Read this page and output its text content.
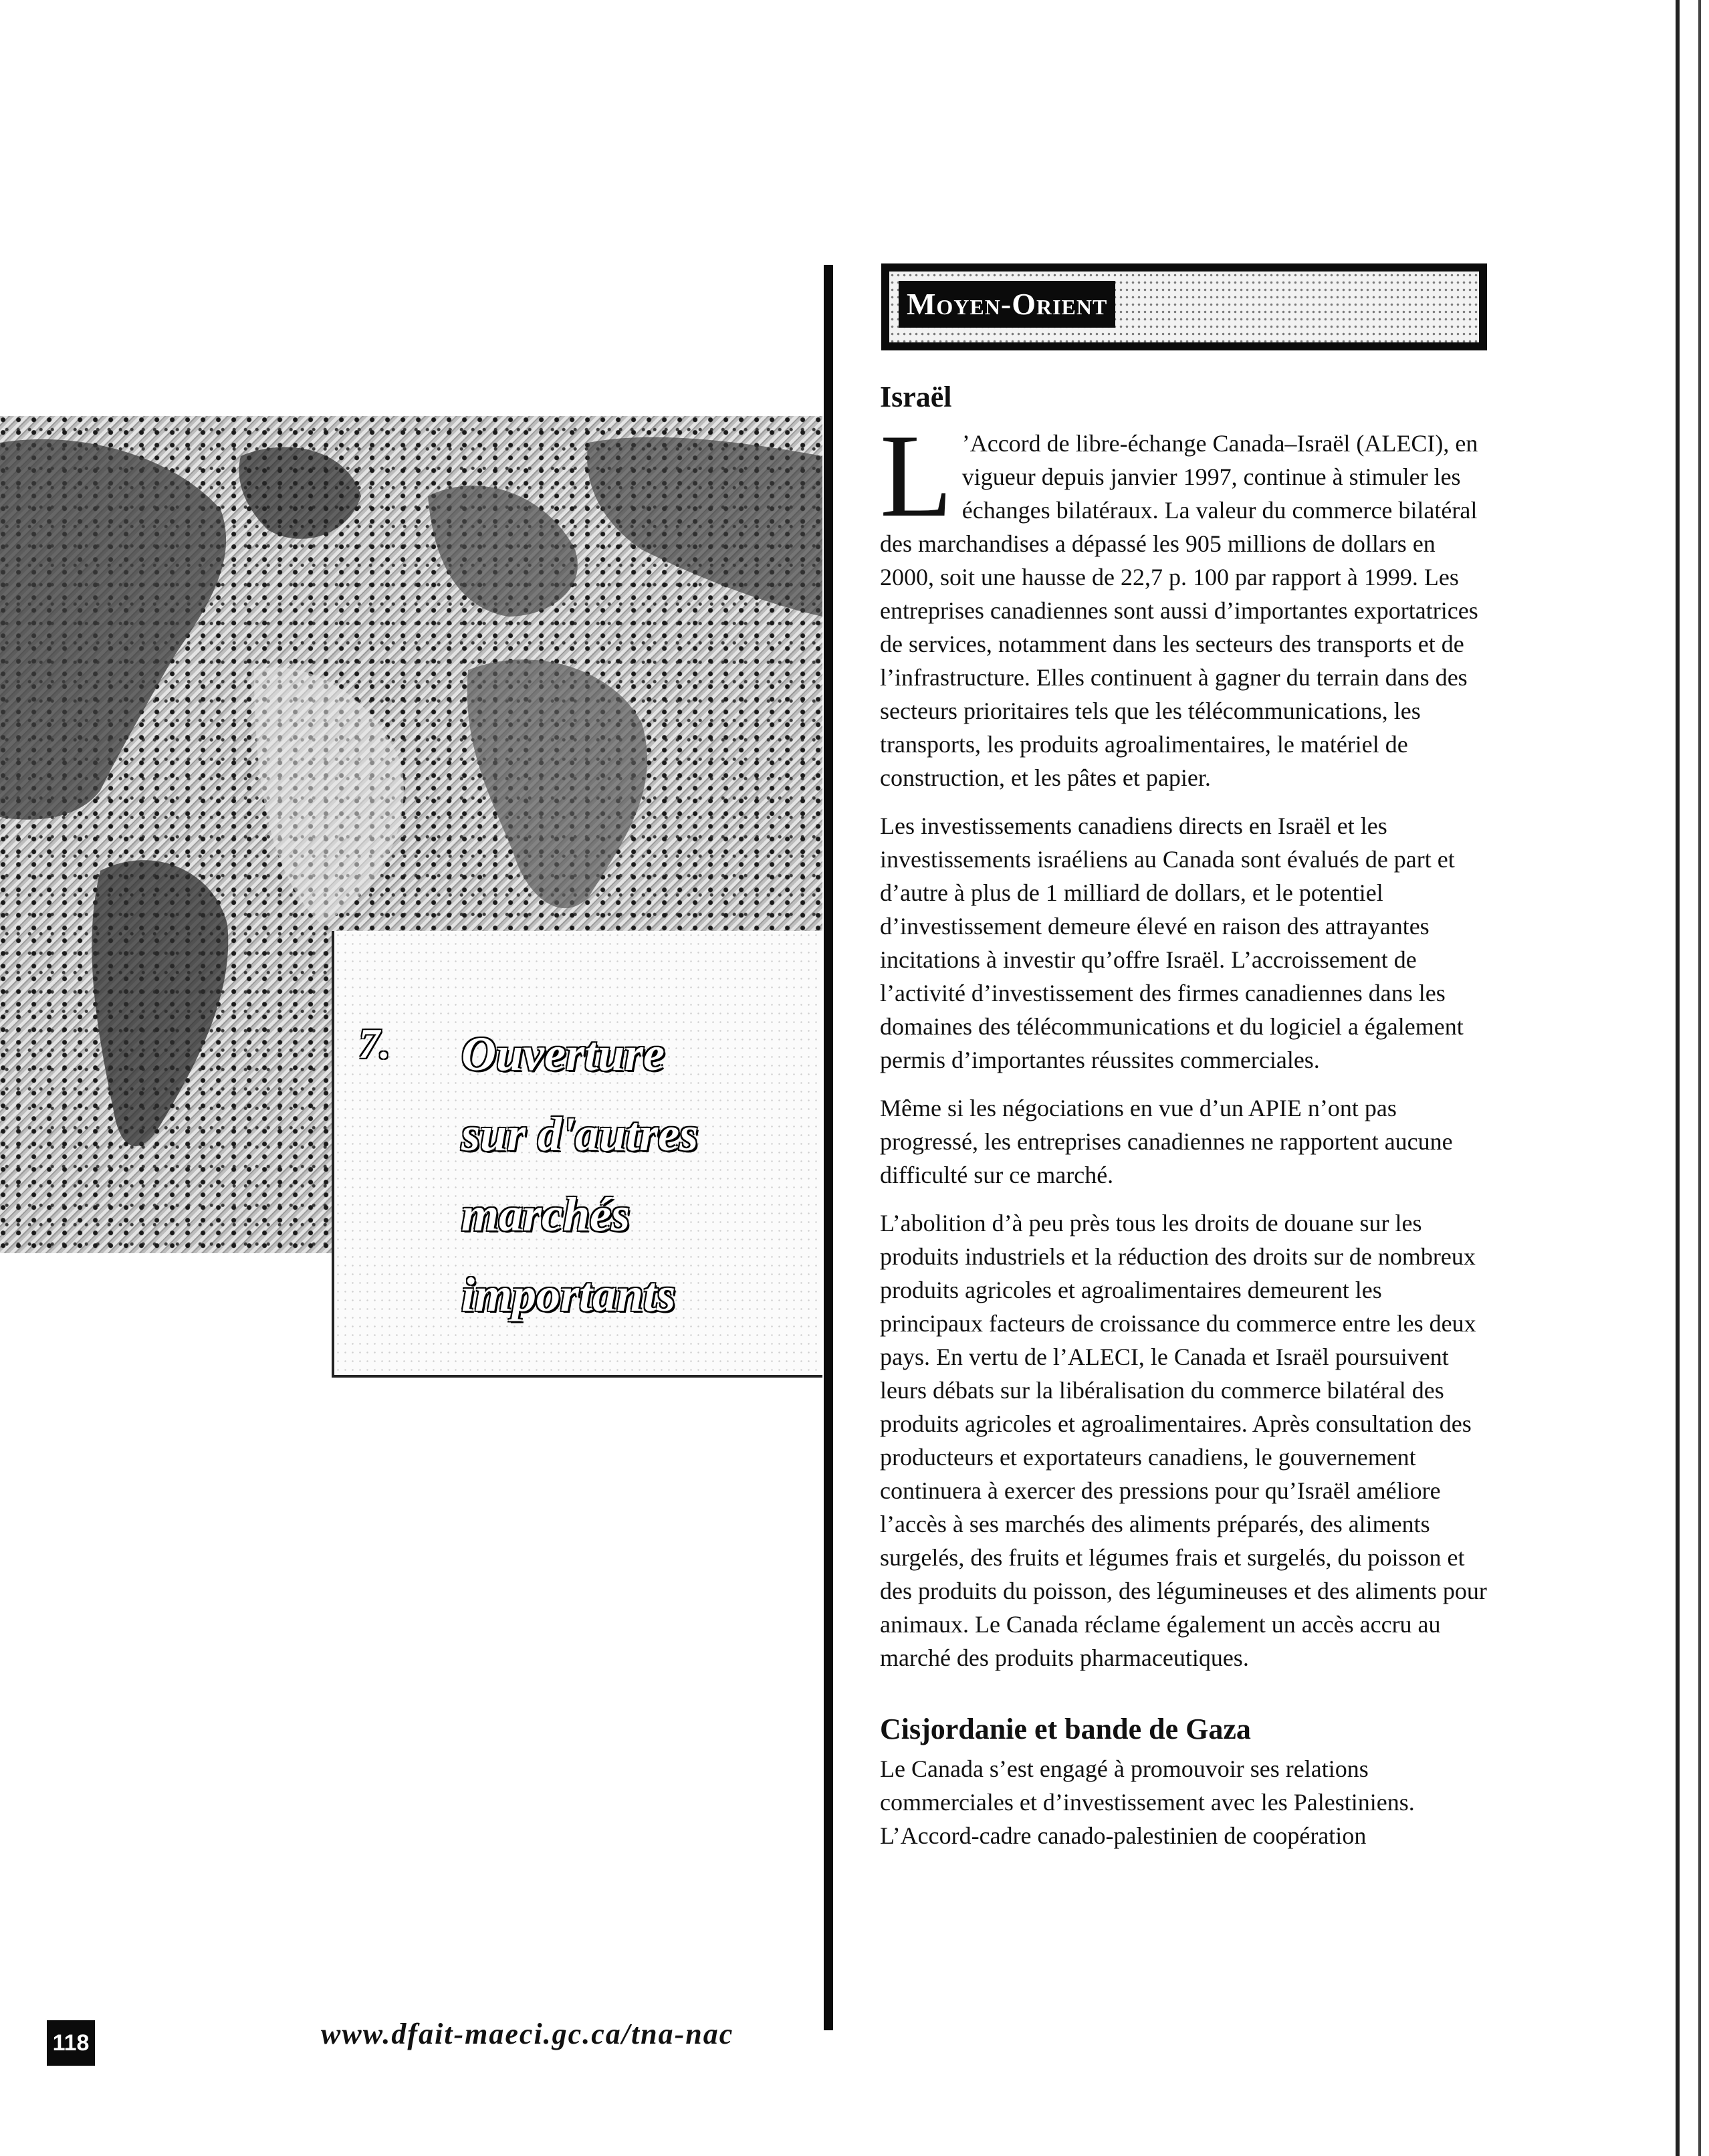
7. Ouverture
sur d'autres
marchés
importants
Moyen-Orient
Israël

L ’Accord de libre-échange Canada–Israël (ALECI), en vigueur depuis janvier 1997, continue à stimuler les échanges bilatéraux. La valeur du commerce bilatéral des marchandises a dépassé les 905 millions de dollars en 2000, soit une hausse de 22,7 p. 100 par rapport à 1999. Les entreprises canadiennes sont aussi d’importantes exportatrices de services, notamment dans les secteurs des transports et de l’infrastructure. Elles continuent à gagner du terrain dans des secteurs prioritaires tels que les télécommunications, les transports, les produits agroalimentaires, le matériel de construction, et les pâtes et papier.

Les investissements canadiens directs en Israël et les investissements israéliens au Canada sont évalués de part et d’autre à plus de 1 milliard de dollars, et le potentiel d’investissement demeure élevé en raison des attrayantes incitations à investir qu’offre Israël. L’accroissement de l’activité d’investissement des firmes canadiennes dans les domaines des télécommunications et du logiciel a également permis d’importantes réussites commerciales.

Même si les négociations en vue d’un APIE n’ont pas progressé, les entreprises canadiennes ne rapportent aucune difficulté sur ce marché.

L’abolition d’à peu près tous les droits de douane sur les produits industriels et la réduction des droits sur de nombreux produits agricoles et agroalimentaires demeurent les principaux facteurs de croissance du commerce entre les deux pays. En vertu de l’ALECI, le Canada et Israël poursuivent leurs débats sur la libéralisation du commerce bilatéral des produits agricoles et agroalimentaires. Après consultation des producteurs et exportateurs canadiens, le gouvernement continuera à exercer des pressions pour qu’Israël améliore l’accès à ses marchés des aliments préparés, des aliments surgelés, des fruits et légumes frais et surgelés, du poisson et des produits du poisson, des légumineuses et des aliments pour animaux. Le Canada réclame également un accès accru au marché des produits pharmaceutiques.

Cisjordanie et bande de Gaza

Le Canada s’est engagé à promouvoir ses relations commerciales et d’investissement avec les Palestiniens. L’Accord-cadre canado-palestinien de coopération

118	www.dfait-maeci.gc.ca/tna-nac
